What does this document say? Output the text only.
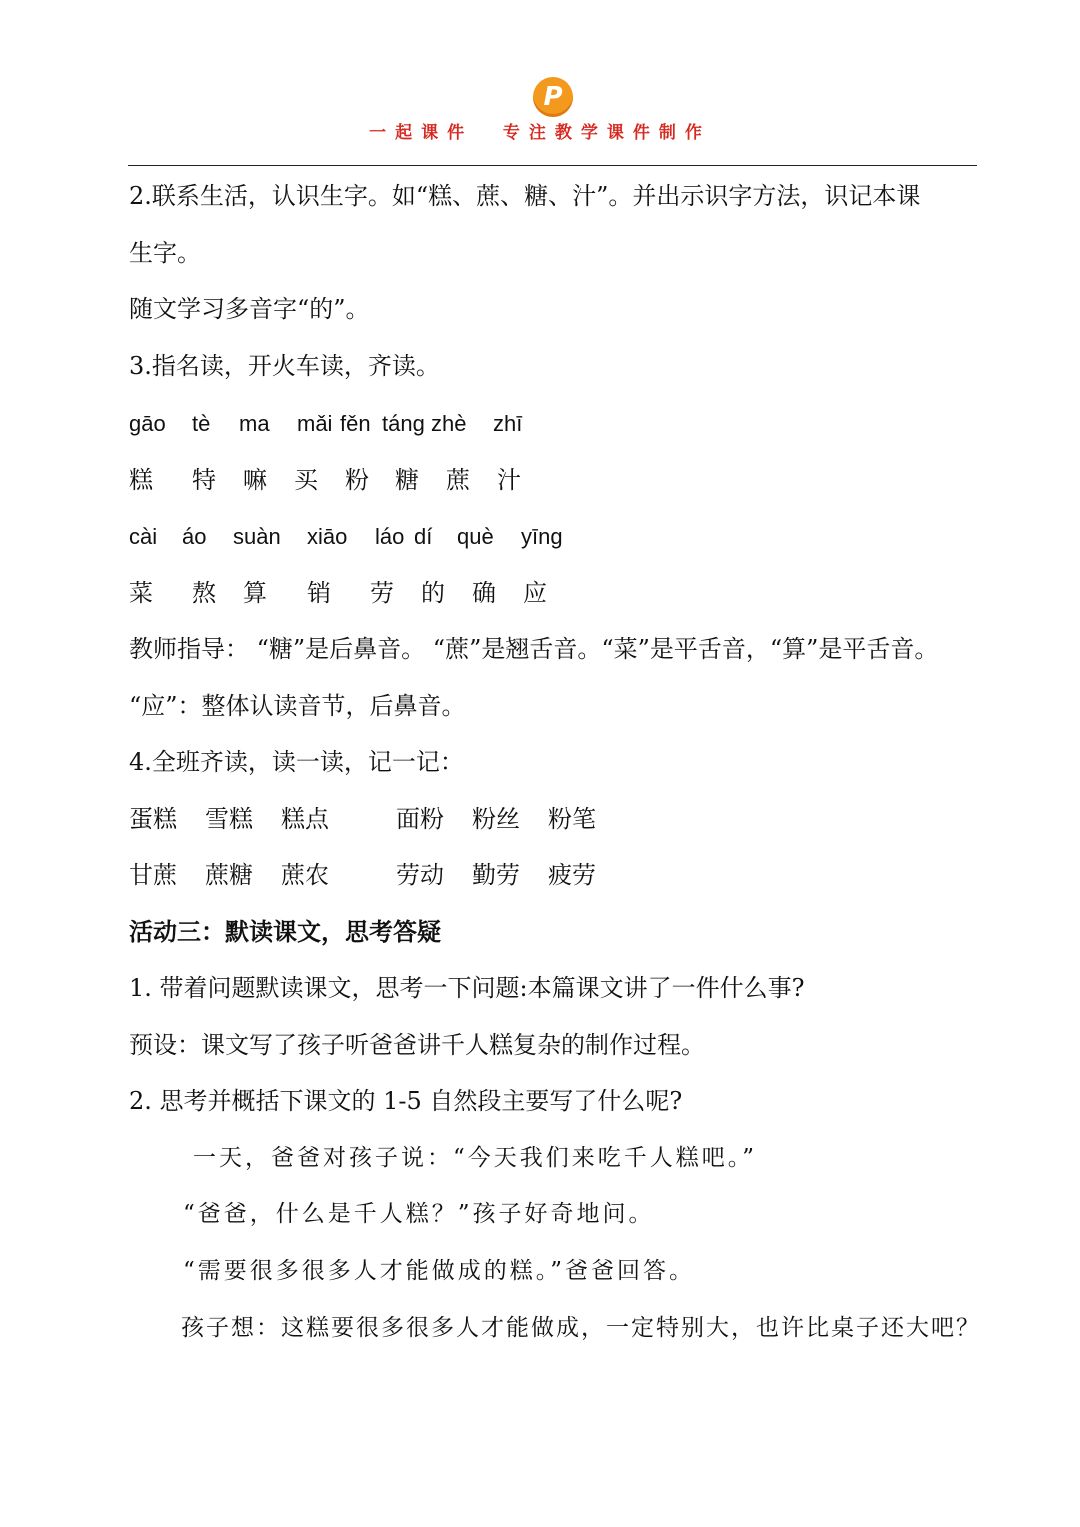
P
一起课件  专注教学课件制作
2.联系生活，认识生字。如“糕、蔗、糖、汁”。并出示识字方法，识记本课
生字。
随文学习多音字“的”。
3.指名读，开火车读，齐读。
gāo tè ma mǎi fěn táng zhè zhī
糕 特 嘛 买 粉 糖 蔗 汁
cài áo suàn xiāo láo dí què yīng
菜 熬 算 销 劳 的 确 应
教师指导： “糖”是后鼻音。 “蔗”是翘舌音。“菜”是平舌音，“算”是平舌音。
“应”：整体认读音节，后鼻音。
4.全班齐读，读一读，记一记：
蛋糕 雪糕 糕点	面粉 粉丝 粉笔
甘蔗 蔗糖 蔗农	劳动 勤劳 疲劳
活动三：默读课文，思考答疑
1. 带着问题默读课文，思考一下问题:本篇课文讲了一件什么事?
预设：课文写了孩子听爸爸讲千人糕复杂的制作过程。
2. 思考并概括下课文的 1-5 自然段主要写了什么呢?
一天，爸爸对孩子说：“今天我们来吃千人糕吧。”
“爸爸，什么是千人糕？”孩子好奇地问。
“需要很多很多人才能做成的糕。”爸爸回答。
孩子想：这糕要很多很多人才能做成，一定特别大，也许比桌子还大吧？
